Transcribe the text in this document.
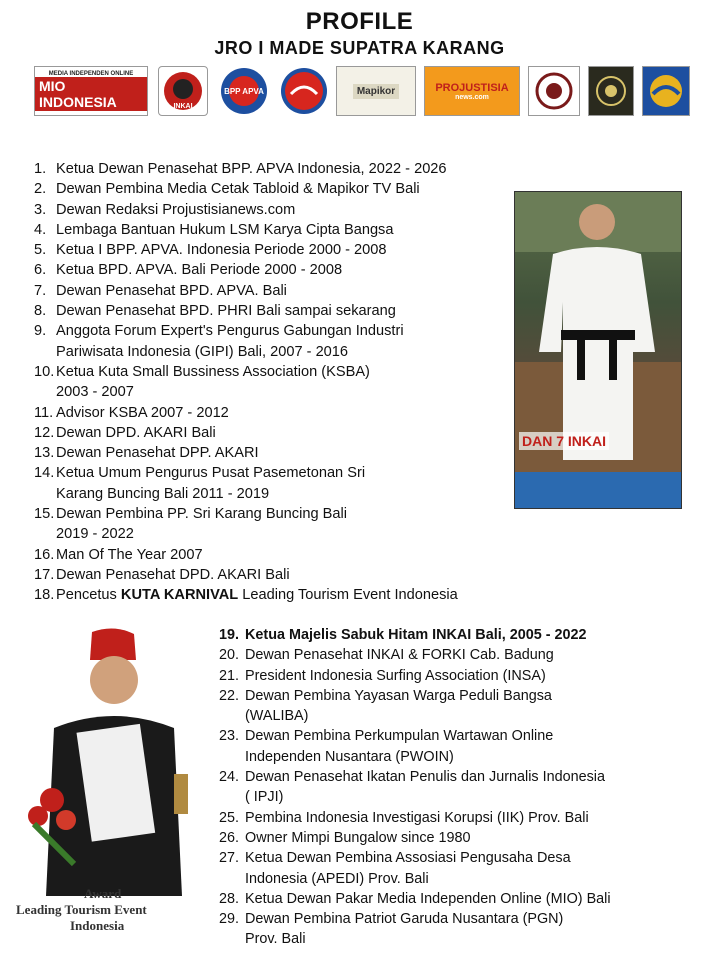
PROFILE
JRO I MADE SUPATRA KARANG
MEDIA INDEPENDEN ONLINE
MIO INDONESIA	INKAI
BPP APVA	Mapikor	PROJUSTISIA
news.com
1. Ketua Dewan Penasehat BPP. APVA Indonesia, 2022 - 2026
2. Dewan Pembina Media Cetak Tabloid & Mapikor TV Bali
3. Dewan Redaksi Projustisianews.com
4. Lembaga Bantuan Hukum LSM Karya Cipta Bangsa
5. Ketua I BPP. APVA. Indonesia Periode 2000 - 2008
6. Ketua BPD. APVA. Bali Periode 2000 - 2008
7. Dewan Penasehat BPD. APVA. Bali
8. Dewan Penasehat BPD. PHRI Bali sampai sekarang
9. Anggota Forum Expert's Pengurus Gabungan Industri
Pariwisata Indonesia (GIPI) Bali, 2007 - 2016
10. Ketua Kuta Small Bussiness Association (KSBA)
2003 - 2007
11. Advisor KSBA 2007 - 2012
12. Dewan DPD. AKARI Bali
13. Dewan Penasehat DPP. AKARI
14. Ketua Umum Pengurus Pusat Pasemetonan Sri
Karang Buncing Bali 2011 - 2019
15. Dewan Pembina PP. Sri Karang Buncing Bali
2019 - 2022
16. Man Of The Year 2007
17. Dewan Penasehat DPD. AKARI Bali
18. Pencetus KUTA KARNIVAL Leading Tourism Event Indonesia
DAN 7 INKAI
Award
Leading Tourism Event
Indonesia
19. Ketua Majelis Sabuk Hitam INKAI Bali, 2005 - 2022
20. Dewan Penasehat INKAI & FORKI Cab. Badung
21. President Indonesia Surfing Association (INSA)
22. Dewan Pembina Yayasan Warga Peduli Bangsa
(WALIBA)
23. Dewan Pembina Perkumpulan Wartawan Online
Independen Nusantara (PWOIN)
24. Dewan Penasehat Ikatan Penulis dan Jurnalis Indonesia
( IPJI)
25. Pembina Indonesia Investigasi Korupsi (IIK) Prov. Bali
26. Owner Mimpi Bungalow since 1980
27. Ketua Dewan Pembina Assosiasi Pengusaha Desa
Indonesia (APEDI) Prov. Bali
28. Ketua Dewan Pakar Media Independen Online (MIO) Bali
29. Dewan Pembina Patriot Garuda Nusantara (PGN)
Prov. Bali
